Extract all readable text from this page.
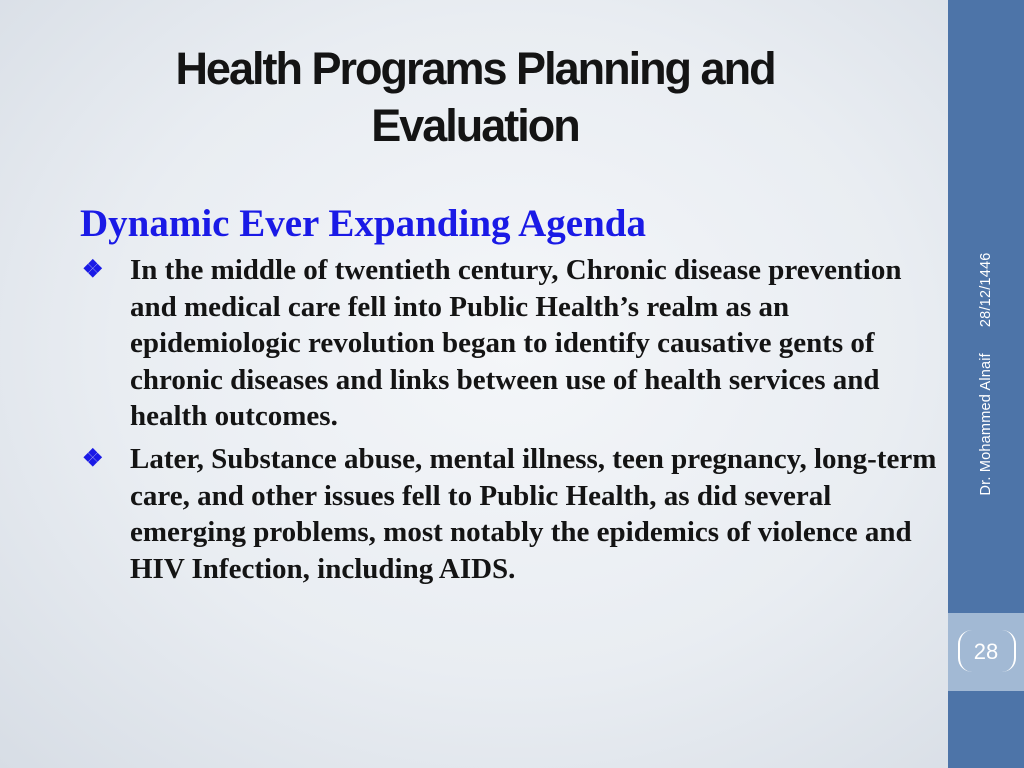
Health Programs Planning and
Evaluation
Dynamic Ever Expanding Agenda
❖ In the middle of twentieth century, Chronic disease prevention and medical care fell into Public Health’s realm as an epidemiologic revolution began to identify causative gents of chronic diseases and links between use of health services and health outcomes.
❖ Later, Substance abuse, mental illness, teen pregnancy, long-term care, and other issues fell to Public Health, as did several emerging problems, most notably the epidemics of violence and HIV Infection, including AIDS.
Dr. Mohammed Alnaif28/12/1446
28
